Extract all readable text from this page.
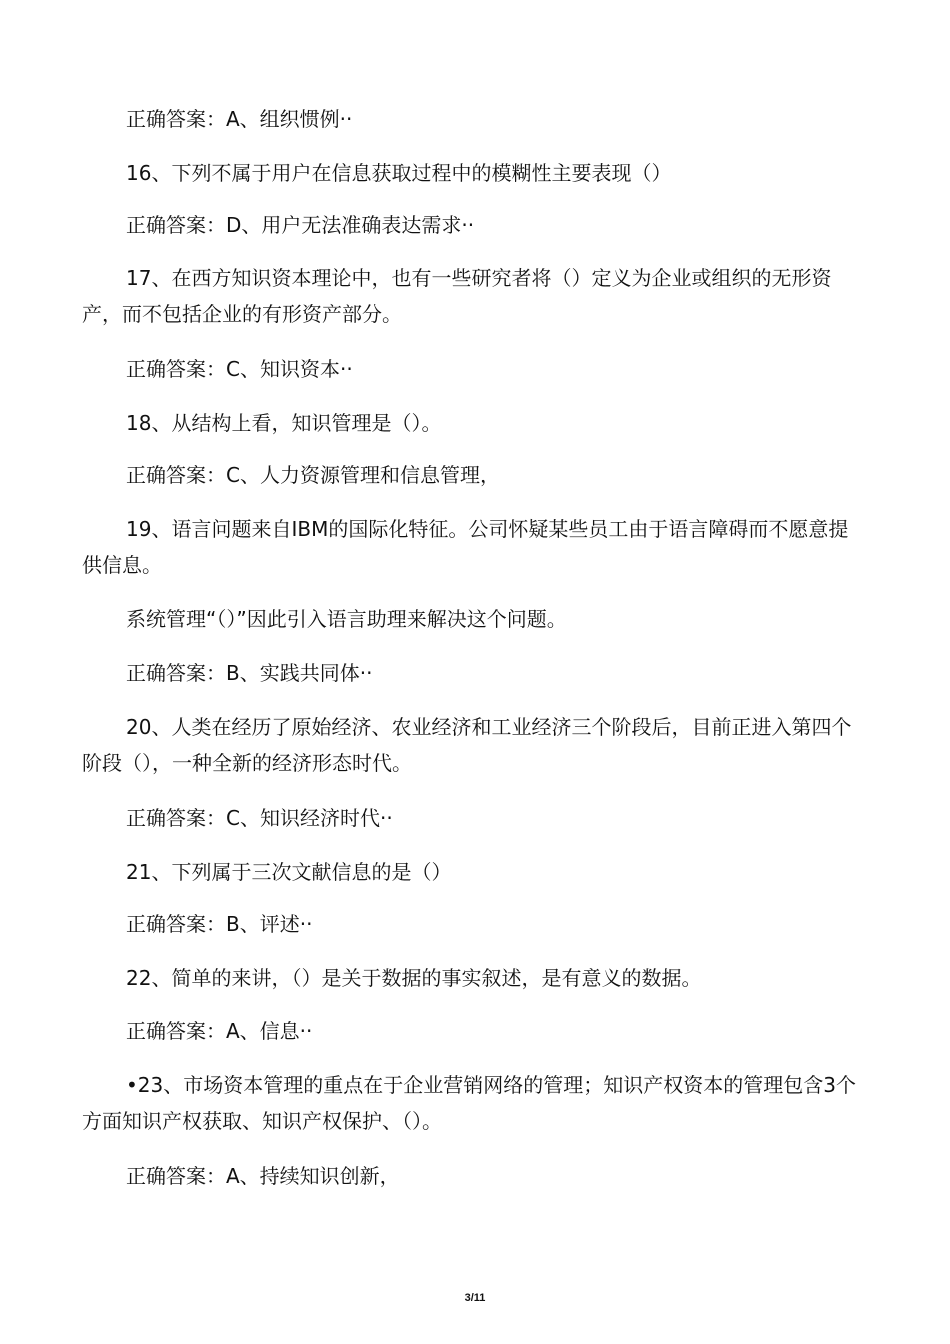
正确答案：A、组织惯例··

16、下列不属于用户在信息获取过程中的模糊性主要表现（）

正确答案：D、用户无法准确表达需求··

17、在西方知识资本理论中，也有一些研究者将（）定义为企业或组织的无形资产，而不包括企业的有形资产部分。

正确答案：C、知识资本··

18、从结构上看，知识管理是（）。

正确答案：C、人力资源管理和信息管理，

19、语言问题来自IBM的国际化特征。公司怀疑某些员工由于语言障碍而不愿意提供信息。

系统管理“（）”因此引入语言助理来解决这个问题。

正确答案：B、实践共同体··

20、人类在经历了原始经济、农业经济和工业经济三个阶段后，目前正进入第四个阶段（），一种全新的经济形态时代。

正确答案：C、知识经济时代··

21、下列属于三次文献信息的是（）

正确答案：B、评述··

22、简单的来讲，（）是关于数据的事实叙述，是有意义的数据。

正确答案：A、信息··

•23、市场资本管理的重点在于企业营销网络的管理；知识产权资本的管理包含3个方面知识产权获取、知识产权保护、（）。

正确答案：A、持续知识创新，

3/11
